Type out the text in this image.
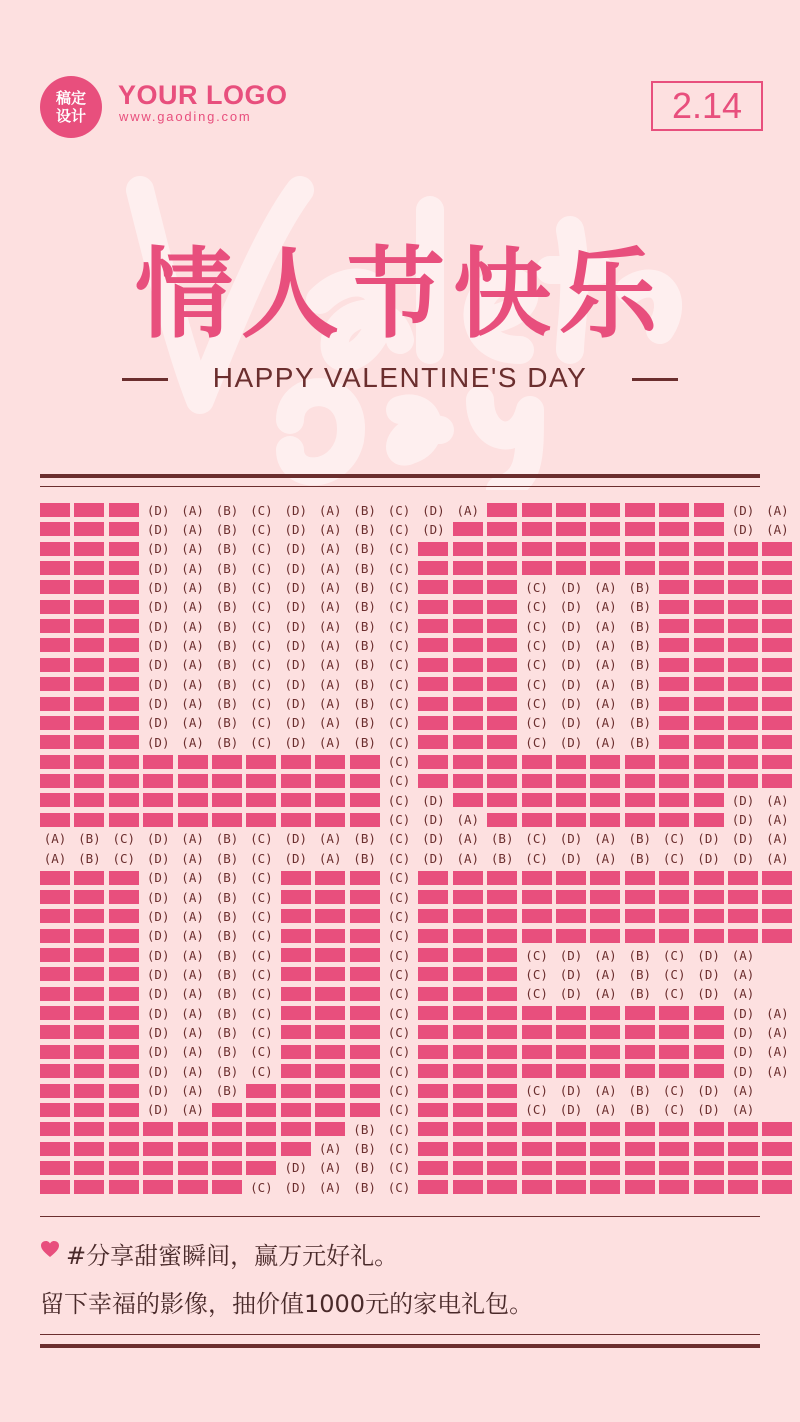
稿定
设计
YOUR LOGO
www.gaoding.com	2.14
情人节快乐
HAPPY VALENTINE'S DAY
(D) (A) (B) (C) (D) (A) (B) (C) (D) (A)	(D) (A)
(D) (A) (B) (C) (D) (A) (B) (C) (D)	(D) (A)
(D) (A) (B) (C) (D) (A) (B) (C)
(D) (A) (B) (C) (D) (A) (B) (C)
(D) (A) (B) (C) (D) (A) (B) (C)	(C) (D) (A) (B)
(D) (A) (B) (C) (D) (A) (B) (C)	(C) (D) (A) (B)
(D) (A) (B) (C) (D) (A) (B) (C)	(C) (D) (A) (B)
(D) (A) (B) (C) (D) (A) (B) (C)	(C) (D) (A) (B)
(D) (A) (B) (C) (D) (A) (B) (C)	(C) (D) (A) (B)
(D) (A) (B) (C) (D) (A) (B) (C)	(C) (D) (A) (B)
(D) (A) (B) (C) (D) (A) (B) (C)	(C) (D) (A) (B)
(D) (A) (B) (C) (D) (A) (B) (C)	(C) (D) (A) (B)
(D) (A) (B) (C) (D) (A) (B) (C)	(C) (D) (A) (B)
(C)
(C)
(C) (D)	(D) (A)
(C) (D) (A)	(D) (A)
(A) (B) (C) (D) (A) (B) (C) (D) (A) (B) (C) (D) (A) (B) (C) (D) (A) (B) (C) (D) (D) (A)
(A) (B) (C) (D) (A) (B) (C) (D) (A) (B) (C) (D) (A) (B) (C) (D) (A) (B) (C) (D) (D) (A)
(D) (A) (B) (C)	(C)
(D) (A) (B) (C)	(C)
(D) (A) (B) (C)	(C)
(D) (A) (B) (C)	(C)
(D) (A) (B) (C)	(C)	(C) (D) (A) (B) (C) (D) (A)
(D) (A) (B) (C)	(C)	(C) (D) (A) (B) (C) (D) (A)
(D) (A) (B) (C)	(C)	(C) (D) (A) (B) (C) (D) (A)
(D) (A) (B) (C)	(C)	(D) (A)
(D) (A) (B) (C)	(C)	(D) (A)
(D) (A) (B) (C)	(C)	(D) (A)
(D) (A) (B) (C)	(C)	(D) (A)
(D) (A) (B)	(C)	(C) (D) (A) (B) (C) (D) (A)
(D) (A)	(C)	(C) (D) (A) (B) (C) (D) (A)
(B) (C)
(A) (B) (C)
(D) (A) (B) (C)
(C) (D) (A) (B) (C)
#分享甜蜜瞬间，赢万元好礼。
留下幸福的影像，抽价值1000元的家电礼包。
